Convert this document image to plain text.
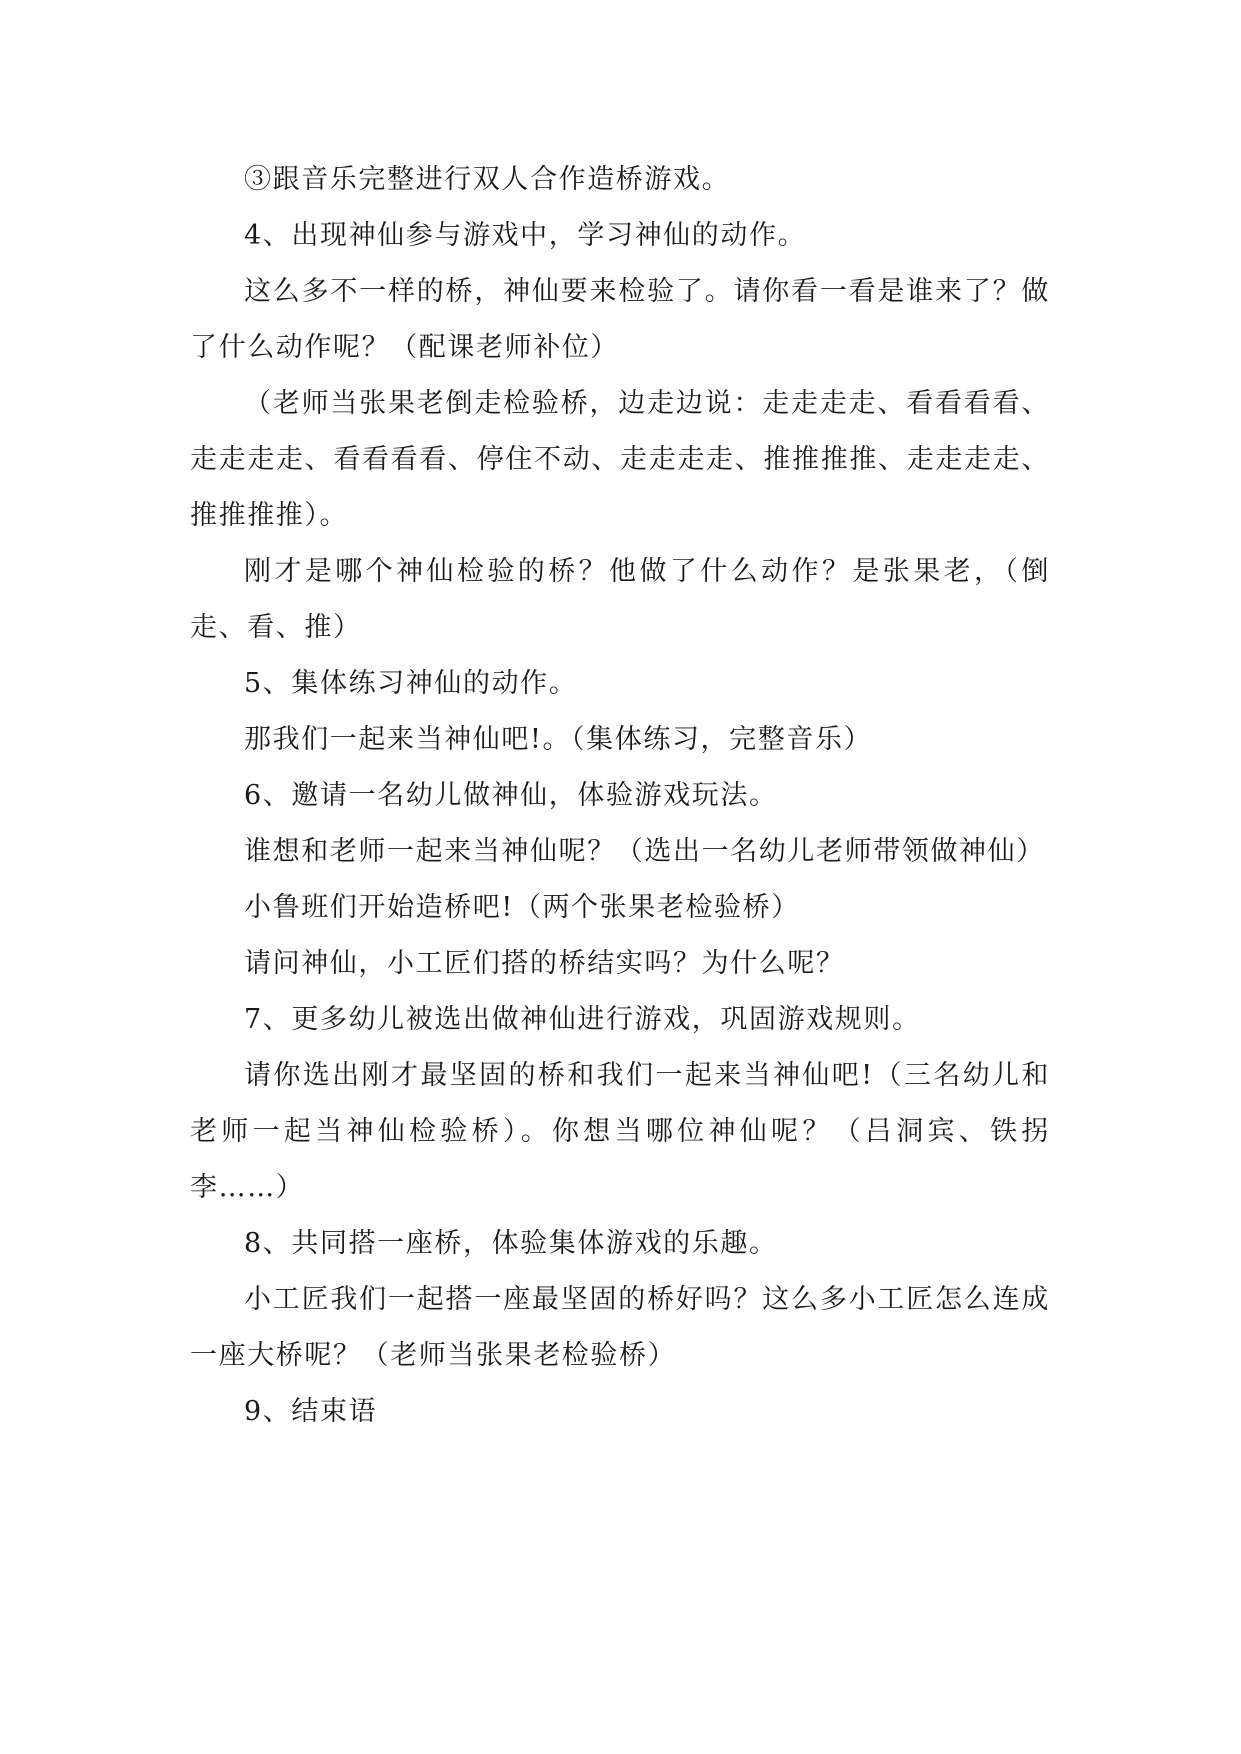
③跟音乐完整进行双人合作造桥游戏。

4、出现神仙参与游戏中，学习神仙的动作。

这么多不一样的桥，神仙要来检验了。请你看一看是谁来了？做了什么动作呢？（配课老师补位）

（老师当张果老倒走检验桥，边走边说：走走走走、看看看看、走走走走、看看看看、停住不动、走走走走、推推推推、走走走走、推推推推）。

刚才是哪个神仙检验的桥？他做了什么动作？是张果老，（倒走、看、推）

5、集体练习神仙的动作。

那我们一起来当神仙吧!。（集体练习，完整音乐）

6、邀请一名幼儿做神仙，体验游戏玩法。

谁想和老师一起来当神仙呢？（选出一名幼儿老师带领做神仙）

小鲁班们开始造桥吧!（两个张果老检验桥）

请问神仙，小工匠们搭的桥结实吗？为什么呢？

7、更多幼儿被选出做神仙进行游戏，巩固游戏规则。

请你选出刚才最坚固的桥和我们一起来当神仙吧!（三名幼儿和老师一起当神仙检验桥）。你想当哪位神仙呢？（吕洞宾、铁拐李……）

8、共同搭一座桥，体验集体游戏的乐趣。

小工匠我们一起搭一座最坚固的桥好吗？这么多小工匠怎么连成一座大桥呢？（老师当张果老检验桥）

9、结束语
